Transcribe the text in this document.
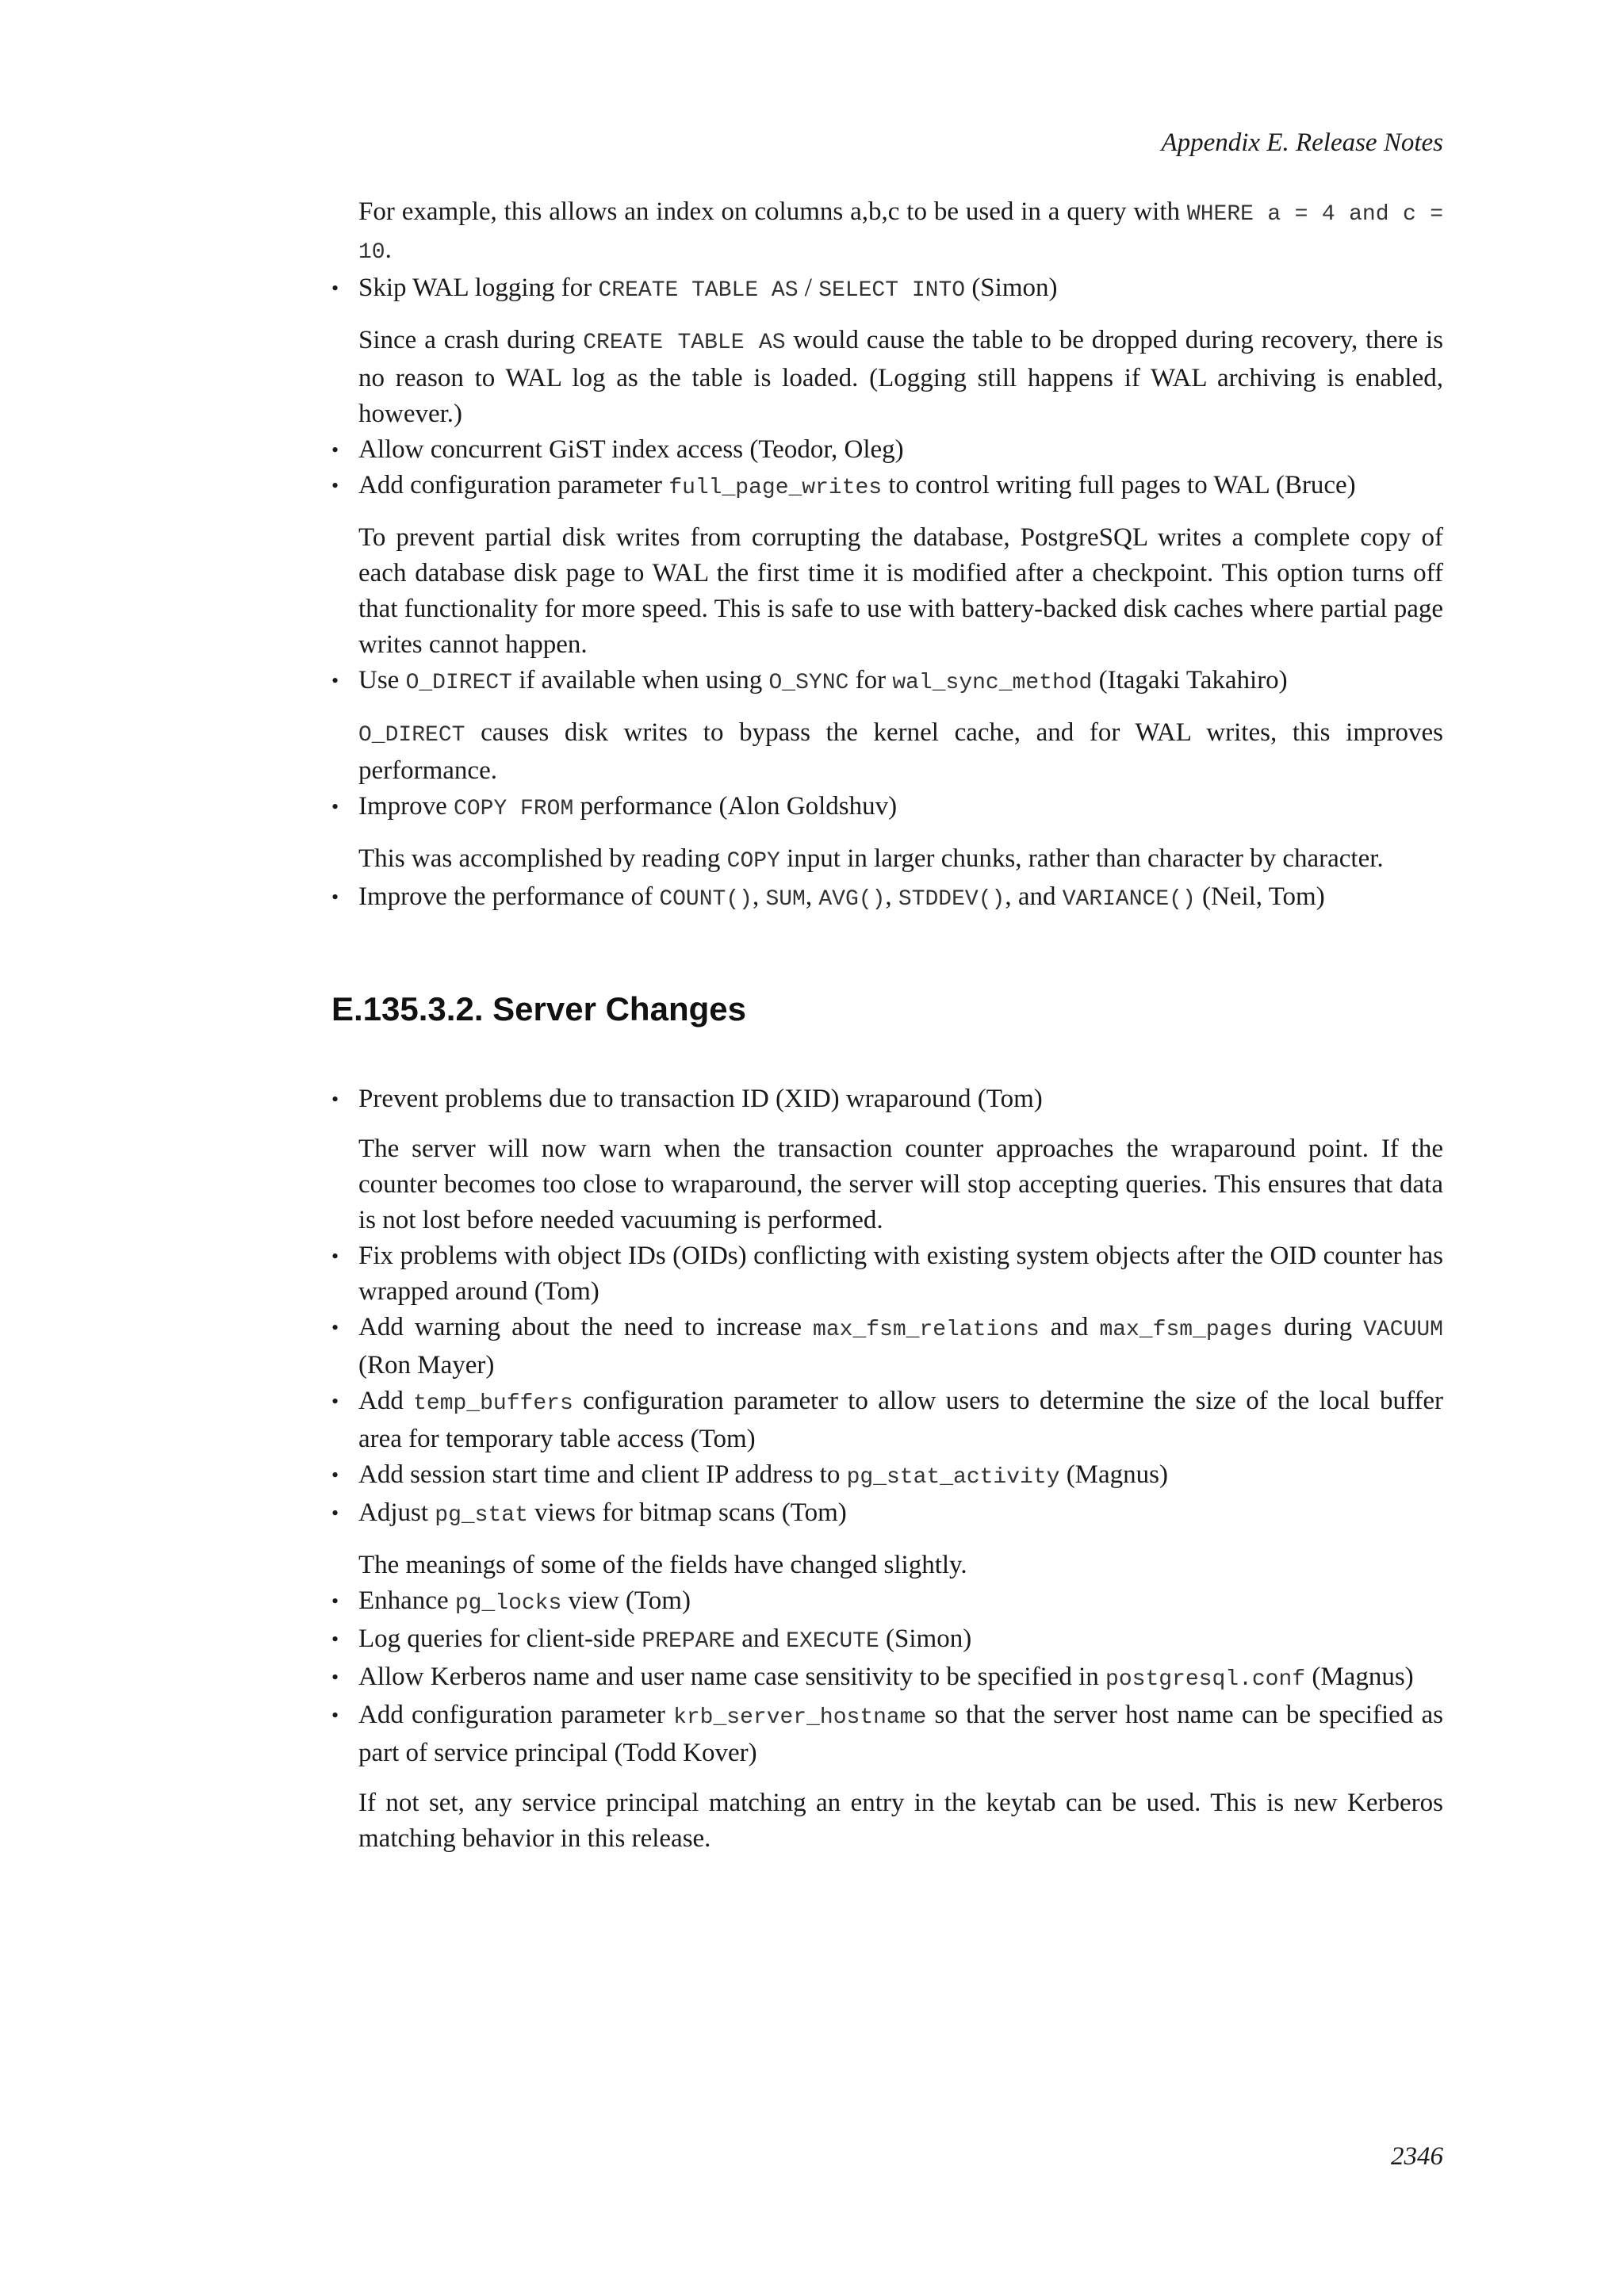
Appendix E. Release Notes

For example, this allows an index on columns a,b,c to be used in a query with WHERE a = 4 and c = 10.

• Skip WAL logging for CREATE TABLE AS / SELECT INTO (Simon)

Since a crash during CREATE TABLE AS would cause the table to be dropped during recovery, there is no reason to WAL log as the table is loaded. (Logging still happens if WAL archiving is enabled, however.)

• Allow concurrent GiST index access (Teodor, Oleg)

• Add configuration parameter full_page_writes to control writing full pages to WAL (Bruce)

To prevent partial disk writes from corrupting the database, PostgreSQL writes a complete copy of each database disk page to WAL the first time it is modified after a checkpoint. This option turns off that functionality for more speed. This is safe to use with battery-backed disk caches where partial page writes cannot happen.

• Use O_DIRECT if available when using O_SYNC for wal_sync_method (Itagaki Takahiro)

O_DIRECT causes disk writes to bypass the kernel cache, and for WAL writes, this improves performance.

• Improve COPY FROM performance (Alon Goldshuv)

This was accomplished by reading COPY input in larger chunks, rather than character by character.

• Improve the performance of COUNT(), SUM, AVG(), STDDEV(), and VARIANCE() (Neil, Tom)

E.135.3.2. Server Changes

• Prevent problems due to transaction ID (XID) wraparound (Tom)

The server will now warn when the transaction counter approaches the wraparound point. If the counter becomes too close to wraparound, the server will stop accepting queries. This ensures that data is not lost before needed vacuuming is performed.

• Fix problems with object IDs (OIDs) conflicting with existing system objects after the OID counter has wrapped around (Tom)

• Add warning about the need to increase max_fsm_relations and max_fsm_pages during VACUUM (Ron Mayer)

• Add temp_buffers configuration parameter to allow users to determine the size of the local buffer area for temporary table access (Tom)

• Add session start time and client IP address to pg_stat_activity (Magnus)

• Adjust pg_stat views for bitmap scans (Tom)

The meanings of some of the fields have changed slightly.

• Enhance pg_locks view (Tom)

• Log queries for client-side PREPARE and EXECUTE (Simon)

• Allow Kerberos name and user name case sensitivity to be specified in postgresql.conf (Magnus)

• Add configuration parameter krb_server_hostname so that the server host name can be specified as part of service principal (Todd Kover)

If not set, any service principal matching an entry in the keytab can be used. This is new Kerberos matching behavior in this release.

2346
